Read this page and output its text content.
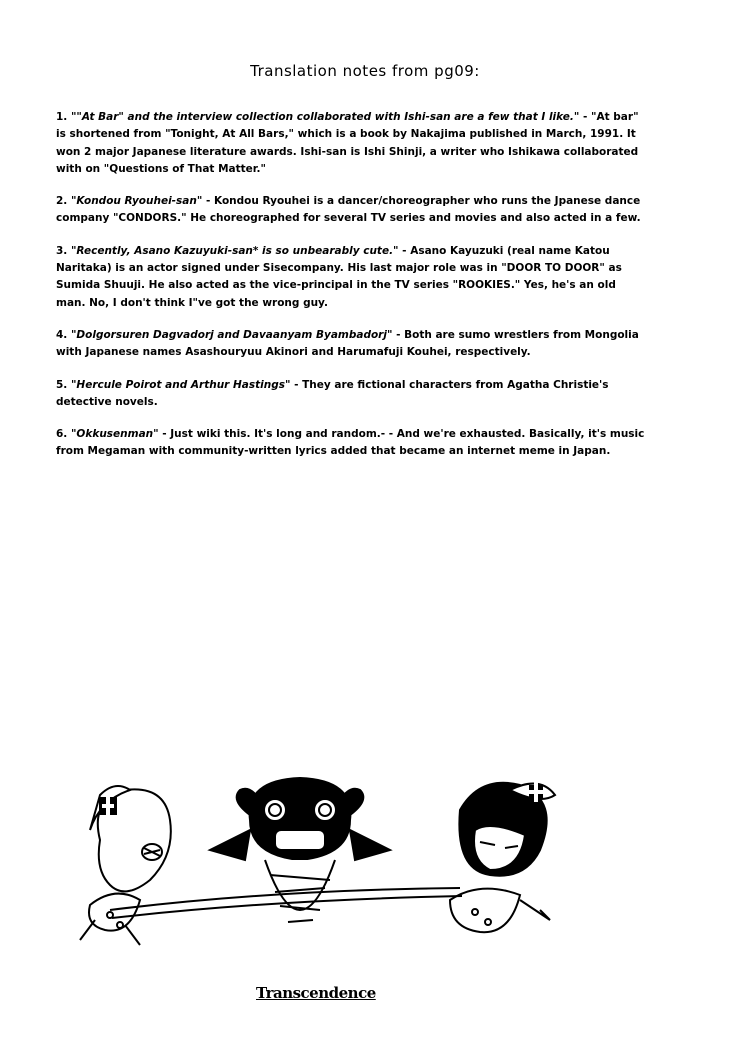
Translation notes from pg09:
1. ""At Bar" and the interview collection collaborated with Ishi-san are a few that I like." - "At bar" is shortened from "Tonight, At All Bars," which is a book by Nakajima published in March, 1991. It won 2 major Japanese literature awards. Ishi-san is Ishi Shinji, a writer who Ishikawa collaborated with on "Questions of That Matter."
2. "Kondou Ryouhei-san" - Kondou Ryouhei is a dancer/choreographer who runs the Jpanese dance company "CONDORS." He choreographed for several TV series and movies and also acted in a few.
3. "Recently, Asano Kazuyuki-san* is so unbearably cute." - Asano Kayuzuki (real name Katou Naritaka) is an actor signed under Sisecompany. His last major role was in "DOOR TO DOOR" as Sumida Shuuji. He also acted as the vice-principal in the TV series "ROOKIES." Yes, he's an old man. No, I don't think I"ve got the wrong guy.
4. "Dolgorsuren Dagvadorj and Davaanyam Byambadorj" - Both are sumo wrestlers from Mongolia with Japanese names Asashouryuu Akinori and Harumafuji Kouhei, respectively.
5. "Hercule Poirot and Arthur Hastings" - They are fictional characters from Agatha Christie's detective novels.
6. "Okkusenman" - Just wiki this. It's long and random.- - And we're exhausted. Basically, it's music from Megaman with community-written lyrics added that became an internet meme in Japan.
Transcendence
